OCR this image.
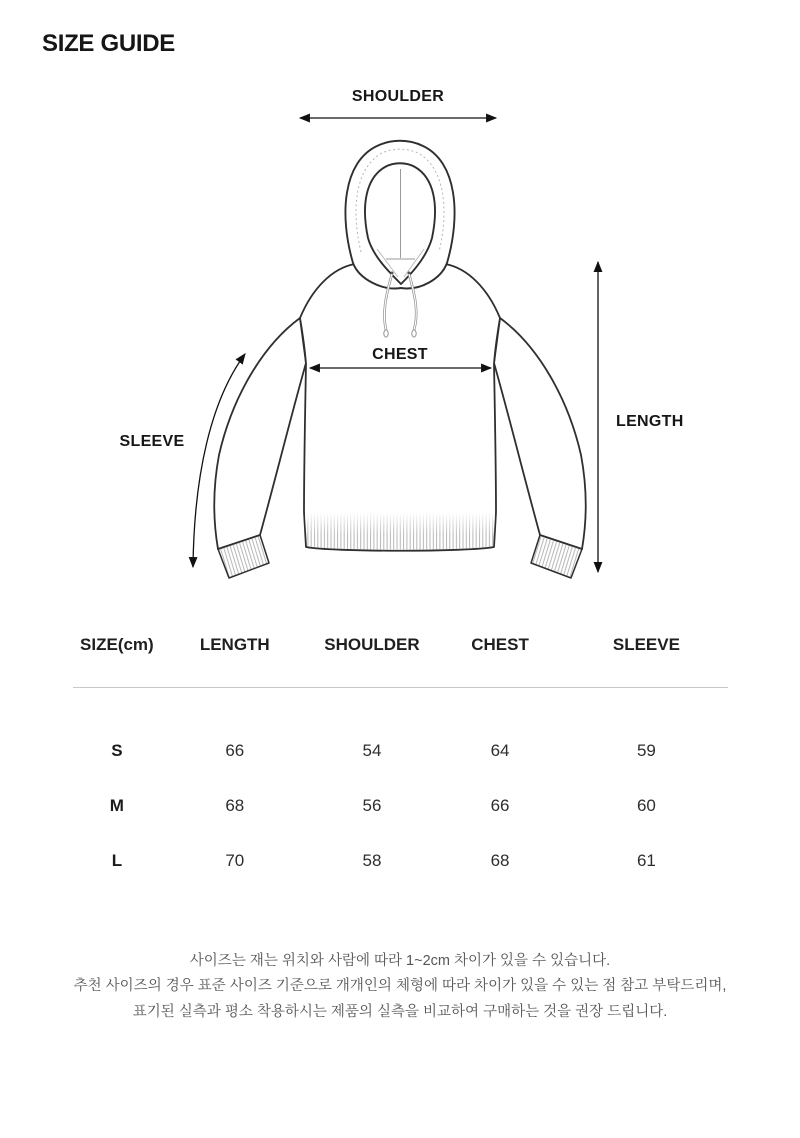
SIZE GUIDE
SHOULDER
CHEST
LENGTH
SLEEVE
SIZE(cm)	LENGTH	SHOULDER	CHEST	SLEEVE
S	66	54	64	59
M	68	56	66	60
L	70	58	68	61
사이즈는 재는 위치와 사람에 따라 1~2cm 차이가 있을 수 있습니다.
추천 사이즈의 경우 표준 사이즈 기준으로 개개인의 체형에 따라 차이가 있을 수 있는 점 참고 부탁드리며,
표기된 실측과 평소 착용하시는 제품의 실측을 비교하여 구매하는 것을 권장 드립니다.
